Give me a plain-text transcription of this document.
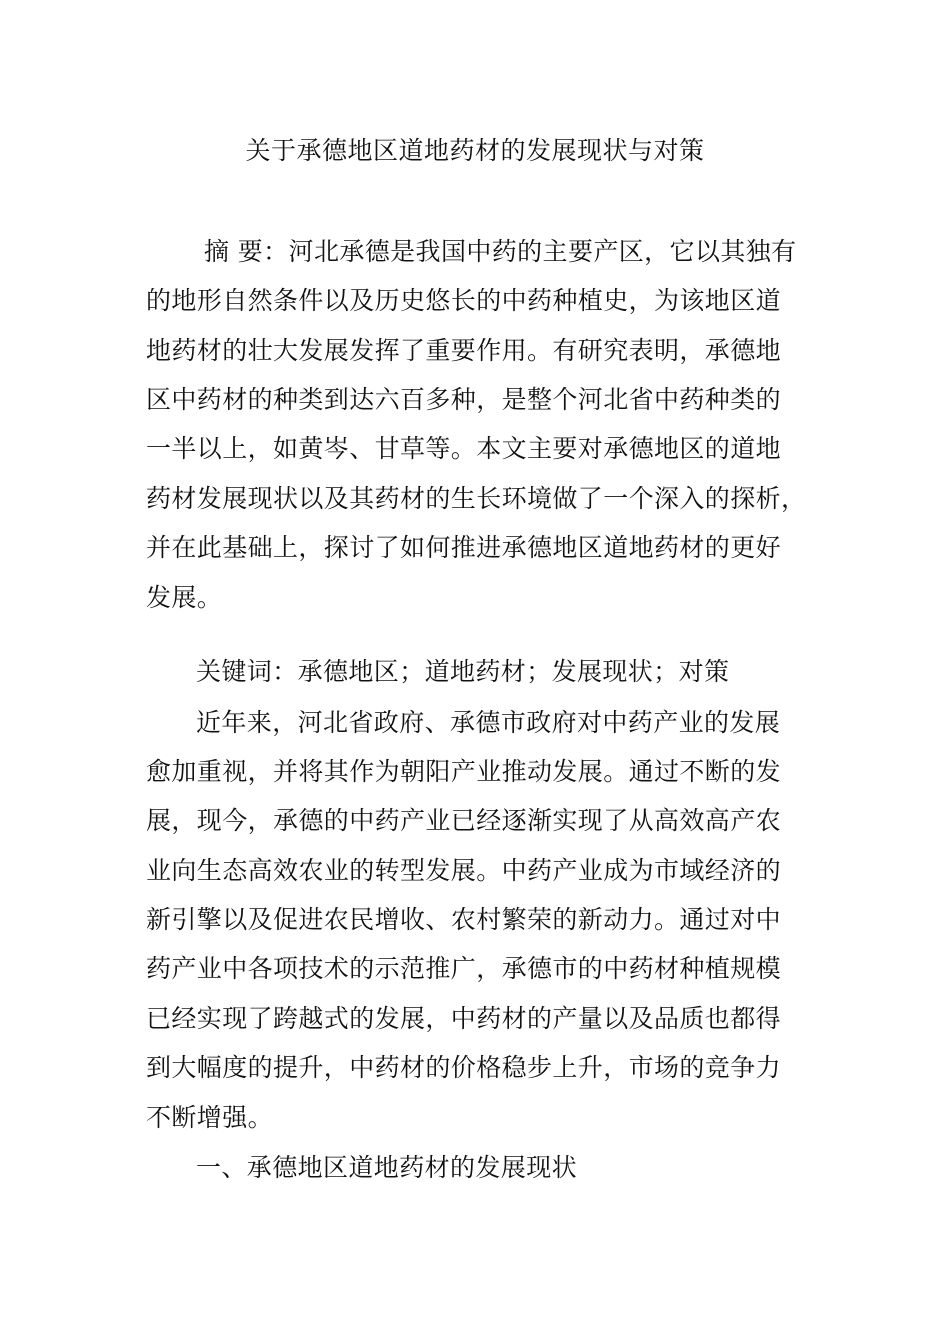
关于承德地区道地药材的发展现状与对策
摘 要：河北承德是我国中药的主要产区，它以其独有
的地形自然条件以及历史悠长的中药种植史，为该地区道
地药材的壮大发展发挥了重要作用。有研究表明，承德地
区中药材的种类到达六百多种，是整个河北省中药种类的
一半以上，如黄岑、甘草等。本文主要对承德地区的道地
药材发展现状以及其药材的生长环境做了一个深入的探析，
并在此基础上，探讨了如何推进承德地区道地药材的更好
发展。
关键词：承德地区；道地药材；发展现状；对策
近年来，河北省政府、承德市政府对中药产业的发展
愈加重视，并将其作为朝阳产业推动发展。通过不断的发
展，现今，承德的中药产业已经逐渐实现了从高效高产农
业向生态高效农业的转型发展。中药产业成为市域经济的
新引擎以及促进农民增收、农村繁荣的新动力。通过对中
药产业中各项技术的示范推广，承德市的中药材种植规模
已经实现了跨越式的发展，中药材的产量以及品质也都得
到大幅度的提升，中药材的价格稳步上升，市场的竞争力
不断增强。
一、承德地区道地药材的发展现状
